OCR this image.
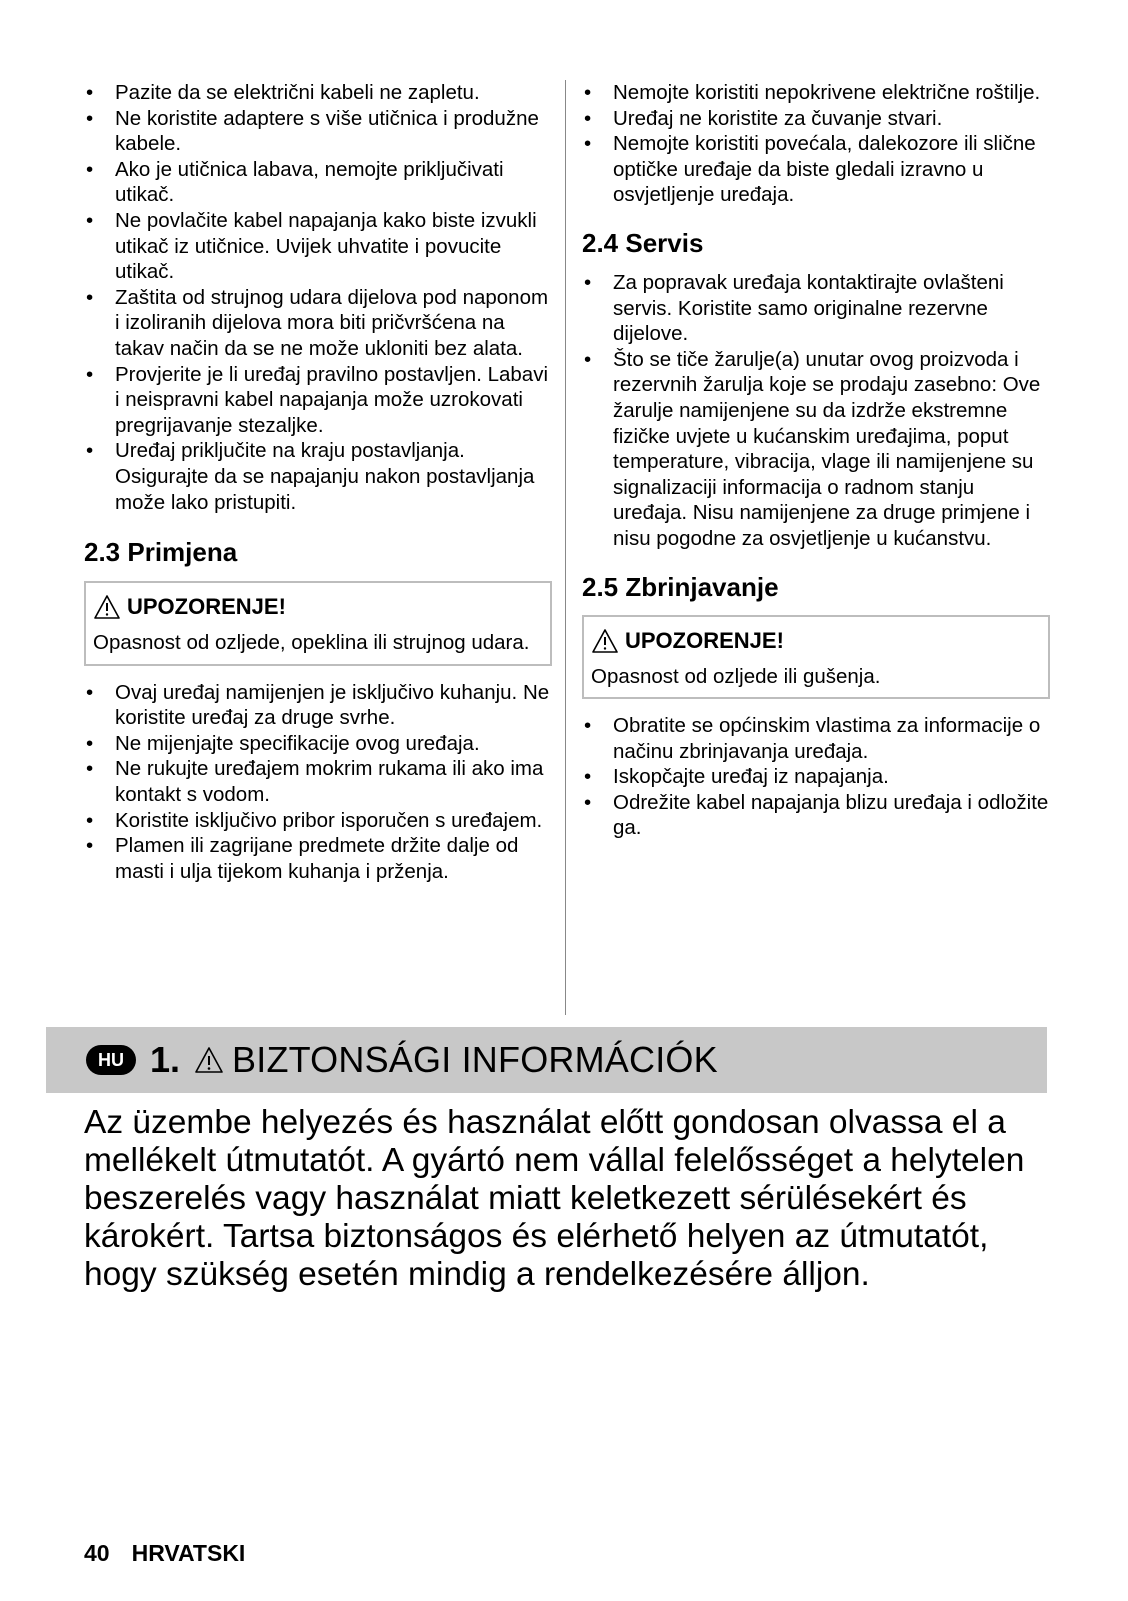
• Pazite da se električni kabeli ne zapletu.
• Ne koristite adaptere s više utičnica i produžne kabele.
• Ako je utičnica labava, nemojte priključivati utikač.
• Ne povlačite kabel napajanja kako biste izvukli utikač iz utičnice. Uvijek uhvatite i povucite utikač.
• Zaštita od strujnog udara dijelova pod naponom i izoliranih dijelova mora biti pričvršćena na takav način da se ne može ukloniti bez alata.
• Provjerite je li uređaj pravilno postavljen. Labavi i neispravni kabel napajanja može uzrokovati pregrijavanje stezaljke.
• Uređaj priključite na kraju postavljanja. Osigurajte da se napajanju nakon postavljanja može lako pristupiti.
2.3 Primjena
UPOZORENJE!
Opasnost od ozljede, opeklina ili strujnog udara.
• Ovaj uređaj namijenjen je isključivo kuhanju. Ne koristite uređaj za druge svrhe.
• Ne mijenjajte specifikacije ovog uređaja.
• Ne rukujte uređajem mokrim rukama ili ako ima kontakt s vodom.
• Koristite isključivo pribor isporučen s uređajem.
• Plamen ili zagrijane predmete držite dalje od masti i ulja tijekom kuhanja i prženja.
• Nemojte koristiti nepokrivene električne roštilje.
• Uređaj ne koristite za čuvanje stvari.
• Nemojte koristiti povećala, dalekozore ili slične optičke uređaje da biste gledali izravno u osvjetljenje uređaja.
2.4 Servis
• Za popravak uređaja kontaktirajte ovlašteni servis. Koristite samo originalne rezervne dijelove.
• Što se tiče žarulje(a) unutar ovog proizvoda i rezervnih žarulja koje se prodaju zasebno: Ove žarulje namijenjene su da izdrže ekstremne fizičke uvjete u kućanskim uređajima, poput temperature, vibracija, vlage ili namijenjene su signalizaciji informacija o radnom stanju uređaja. Nisu namijenjene za druge primjene i nisu pogodne za osvjetljenje u kućanstvu.
2.5 Zbrinjavanje
UPOZORENJE!
Opasnost od ozljede ili gušenja.
• Obratite se općinskim vlastima za informacije o načinu zbrinjavanja uređaja.
• Iskopčajte uređaj iz napajanja.
• Odrežite kabel napajanja blizu uređaja i odložite ga.
HU 1. BIZTONSÁGI INFORMÁCIÓK
Az üzembe helyezés és használat előtt gondosan olvassa el a mellékelt útmutatót. A gyártó nem vállal felelősséget a helytelen beszerelés vagy használat miatt keletkezett sérülésekért és károkért. Tartsa biztonságos és elérhető helyen az útmutatót, hogy szükség esetén mindig a rendelkezésére álljon.
40 HRVATSKI
